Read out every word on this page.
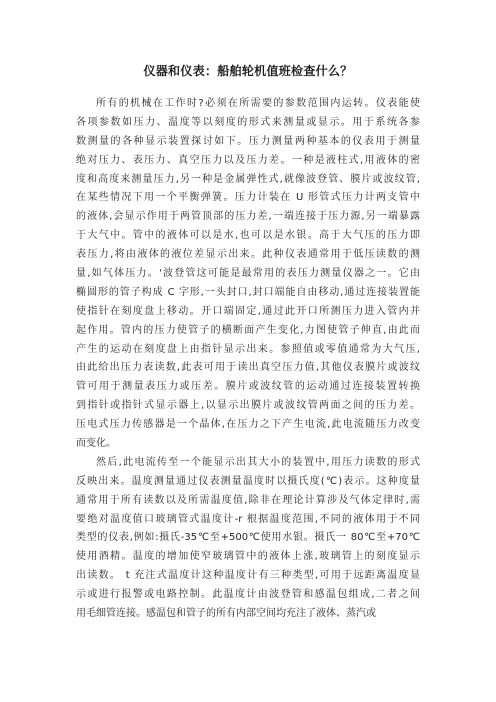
仪器和仪表：船舶轮机值班检查什么？
所有的机械在工作时?必须在所需要的参数范围内运转。仪表能使
各项参数如压力、温度等以刻度的形式来测量或显示。用于系统各参
数测量的各种显示装置探讨如下。压力测量两种基本的仪表用于测量
绝对压力、表压力、真空压力以及压力差。一种是液柱式,用液体的密
度和高度来测量压力,另一种是金属弹性式,就像波登管、膜片或波纹管,
在某些情况下用一个平衡弹簧。压力计装在 U 形管式压力计两支管中
的液体,会显示作用于两管顶部的压力差,一端连接于压力源,另一端暴露
于大气中。管中的液体可以是水,也可以是水银。高于大气压的压力即
表压力,将由液体的液位差显示出来。此种仪表通常用于低压读数的测
量,如气体压力。'波登管这可能是最常用的表压力测量仪器之一。它由
椭圆形的管子构成 C 字形,一头封口,封口端能自由移动,通过连接装置能
使指针在刻度盘上移动。开口端固定,通过此开口所测压力进入管内并
起作用。管内的压力使管子的横断面产生变化,力图使管子伸直,由此而
产生的运动在刻度盘上由指针显示出来。参照值或零值通常为大气压,
由此给出压力表读数,此表可用于读出真空压力值,其他仪表膜片或波纹
管可用于测量表压力或压差。膜片或波纹管的运动通过连接装置转换
到指针或指针式显示器上,以显示出膜片或波纹管两面之间的压力差。
压电式压力传感器是一个晶体,在压力之下产生电流,此电流随压力改变
而变化。
然后,此电流传至一个能显示出其大小的装置中,用压力读数的形式
反映出来。温度测量通过仪表测量温度时以摄氏度(℃)表示。这种度量
通常用于所有读数以及所需温度值,除非在理论计算涉及气体定律时,需
要绝对温度值口玻璃管式温度计-r 根据温度范围,不同的液体用于不同
类型的仪表,例如:摄氏-35℃至+500℃使用水银。摄氏一 80℃至+70℃
使用酒精。温度的增加使窄玻璃管中的液体上涨,玻璃管上的刻度显示
出读数。 t 充注式温度计这种温度计有三种类型,可用于远距离温度显
示或进行报警或电路控制。此温度计由波登管和感温包组成,二者之间
用毛细管连接。感温包和管子的所有内部空间均充注了液体、蒸汽或
